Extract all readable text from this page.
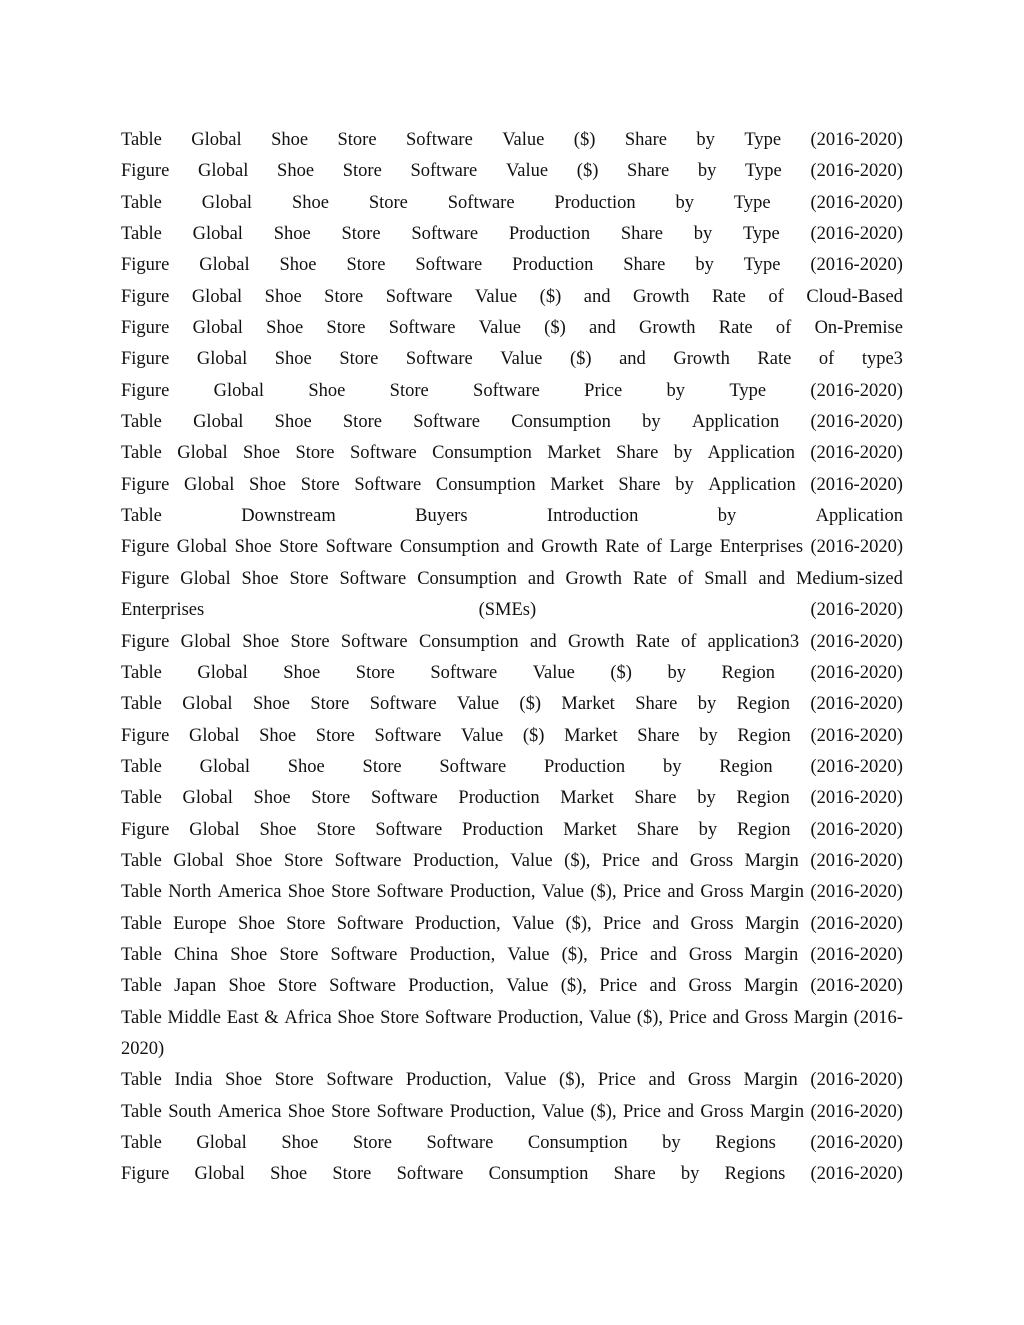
Table Global Shoe Store Software Value ($) Share by Type (2016-2020)
Figure Global Shoe Store Software Value ($) Share by Type (2016-2020)
Table Global Shoe Store Software Production by Type (2016-2020)
Table Global Shoe Store Software Production Share by Type (2016-2020)
Figure Global Shoe Store Software Production Share by Type (2016-2020)
Figure Global Shoe Store Software Value ($) and Growth Rate of Cloud-Based
Figure Global Shoe Store Software Value ($) and Growth Rate of On-Premise
Figure Global Shoe Store Software Value ($) and Growth Rate of type3
Figure Global Shoe Store Software Price by Type (2016-2020)
Table Global Shoe Store Software Consumption by Application (2016-2020)
Table Global Shoe Store Software Consumption Market Share by Application (2016-2020)
Figure Global Shoe Store Software Consumption Market Share by Application (2016-2020)
Table	Downstream	Buyers	Introduction	by	Application
Figure Global Shoe Store Software Consumption and Growth Rate of Large Enterprises (2016-2020)
Figure Global Shoe Store Software Consumption and Growth Rate of Small and Medium-sized
Enterprises	(SMEs)	(2016-2020)
Figure Global Shoe Store Software Consumption and Growth Rate of application3 (2016-2020)
Table Global Shoe Store Software Value ($) by Region (2016-2020)
Table Global Shoe Store Software Value ($) Market Share by Region (2016-2020)
Figure Global Shoe Store Software Value ($) Market Share by Region (2016-2020)
Table Global Shoe Store Software Production by Region (2016-2020)
Table Global Shoe Store Software Production Market Share by Region (2016-2020)
Figure Global Shoe Store Software Production Market Share by Region (2016-2020)
Table Global Shoe Store Software Production, Value ($), Price and Gross Margin (2016-2020)
Table North America Shoe Store Software Production, Value ($), Price and Gross Margin (2016-2020)
Table Europe Shoe Store Software Production, Value ($), Price and Gross Margin (2016-2020)
Table China Shoe Store Software Production, Value ($), Price and Gross Margin (2016-2020)
Table Japan Shoe Store Software Production, Value ($), Price and Gross Margin (2016-2020)
Table Middle East & Africa Shoe Store Software Production, Value ($), Price and Gross Margin (2016-
2020)
Table India Shoe Store Software Production, Value ($), Price and Gross Margin (2016-2020)
Table South America Shoe Store Software Production, Value ($), Price and Gross Margin (2016-2020)
Table Global Shoe Store Software Consumption by Regions (2016-2020)
Figure Global Shoe Store Software Consumption Share by Regions (2016-2020)
